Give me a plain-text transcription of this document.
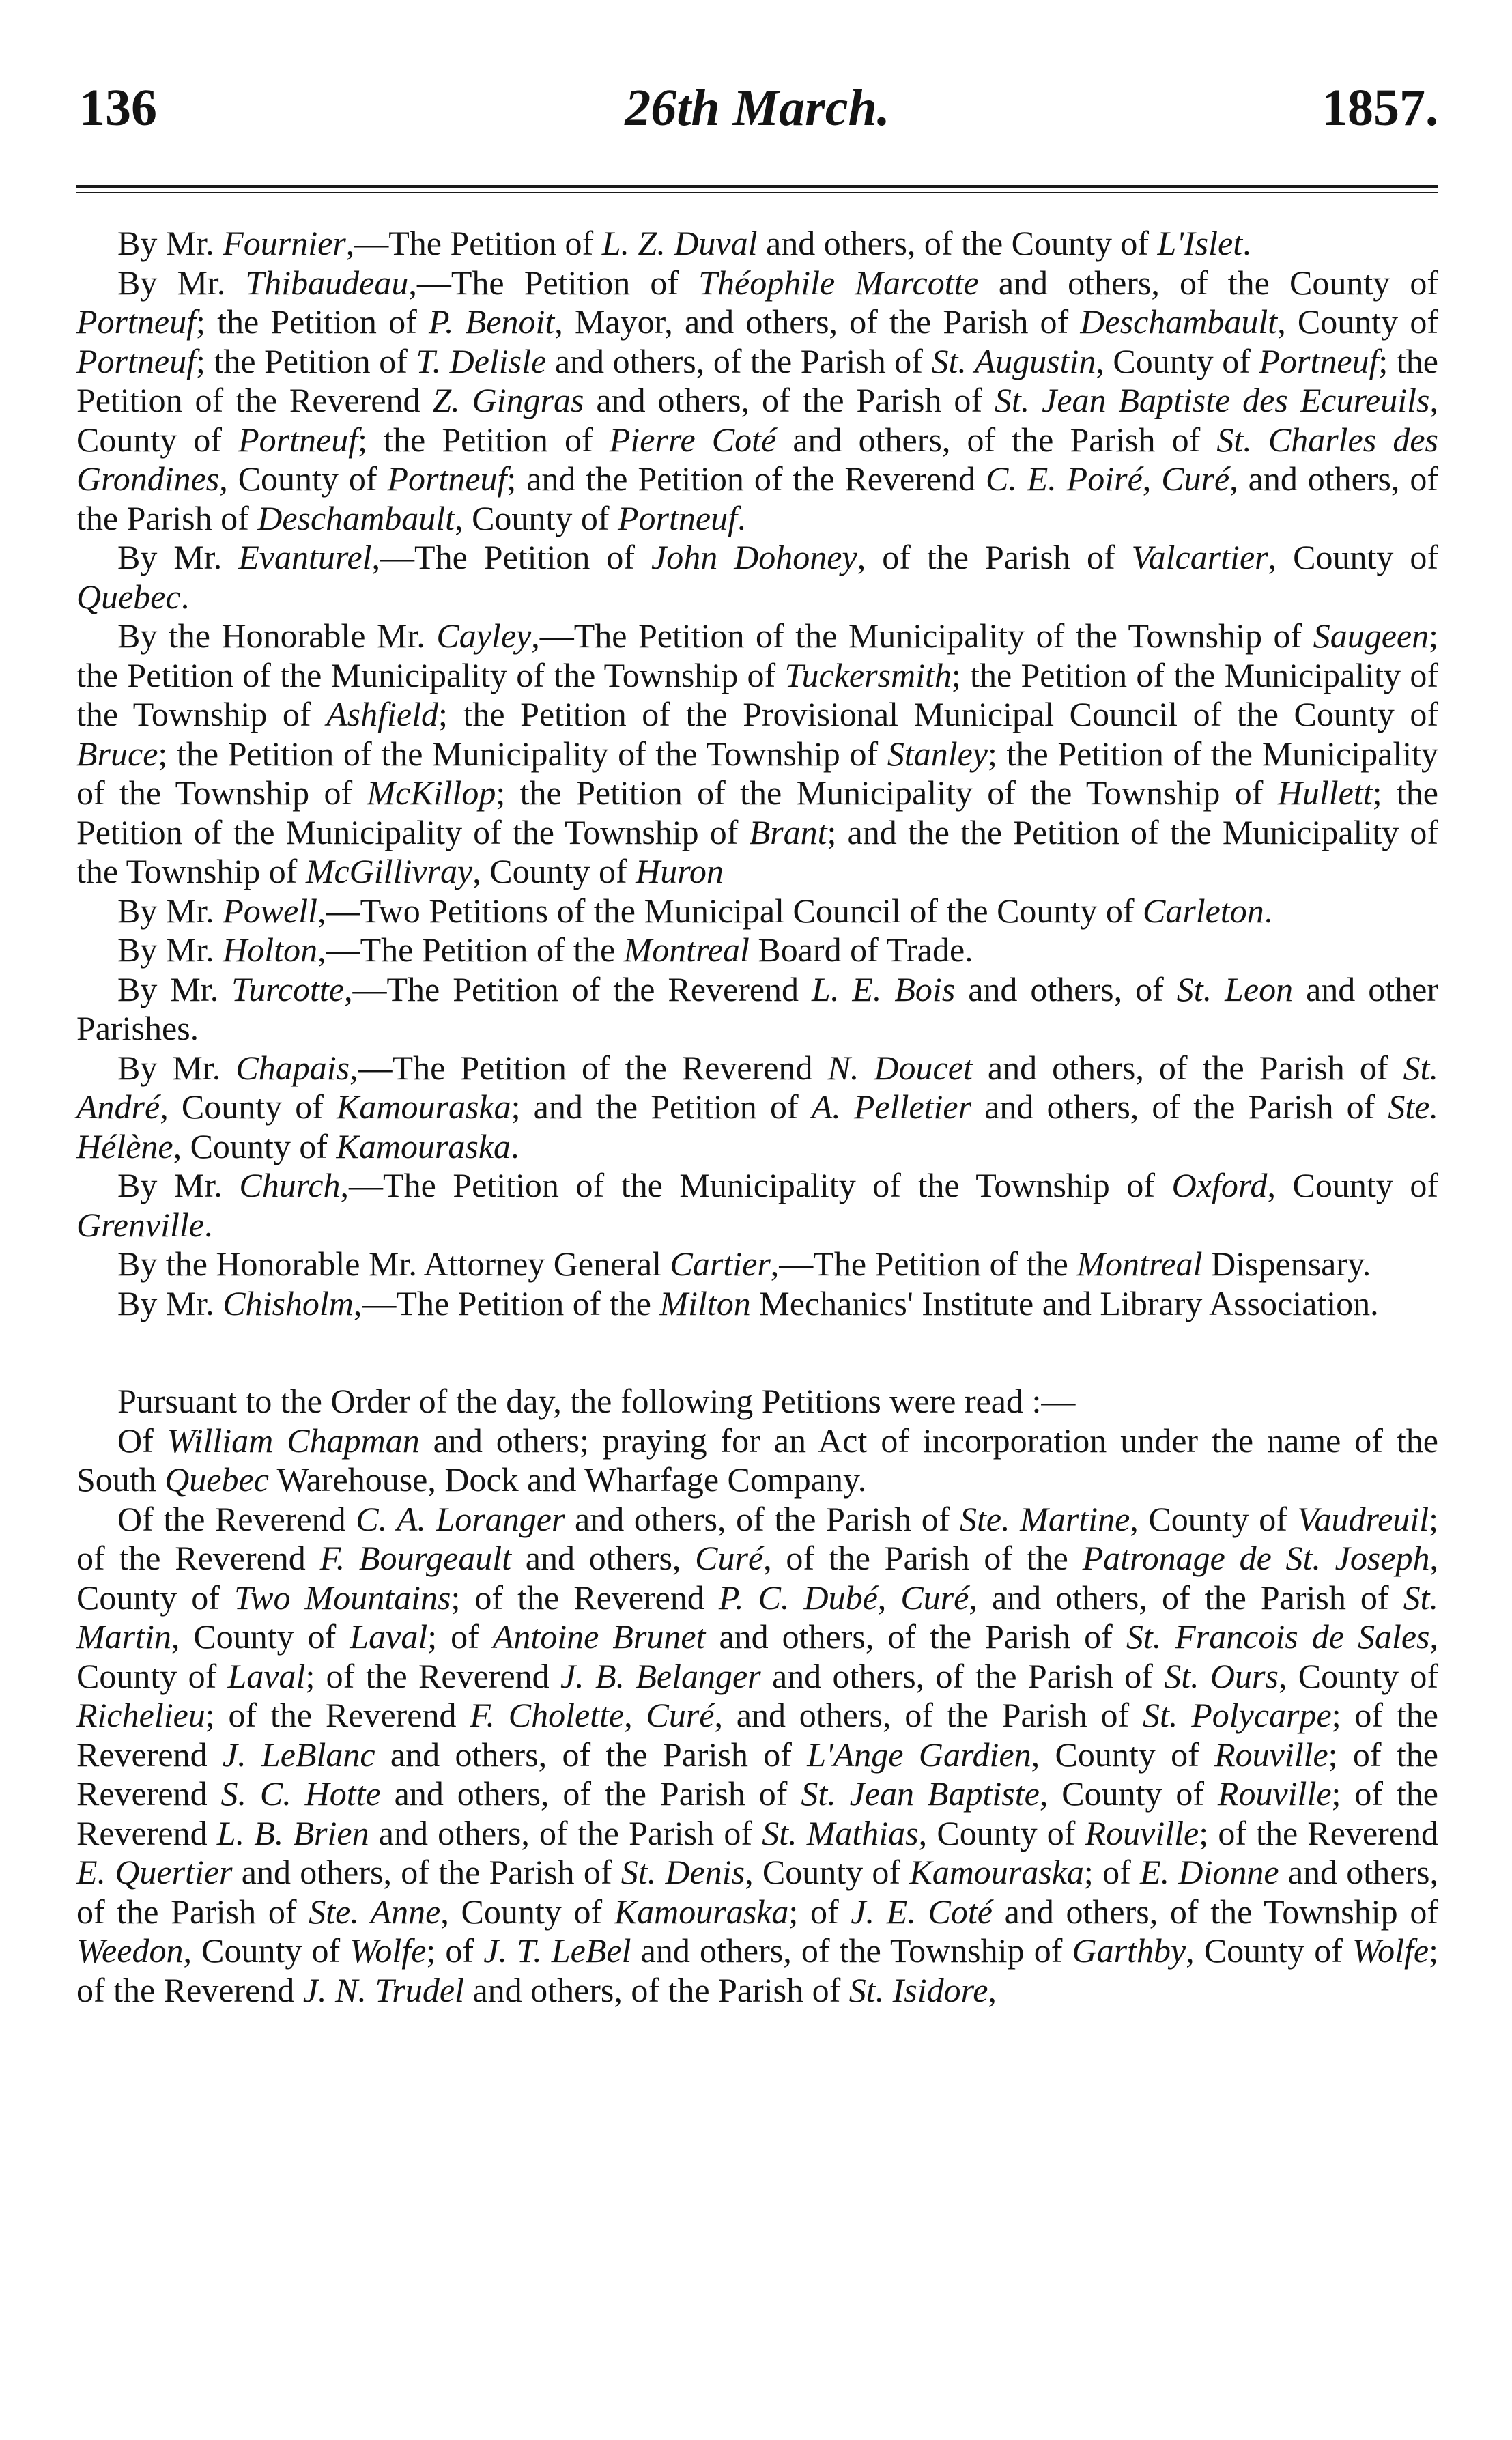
136	26th March.	1857.

By Mr. Fournier,—The Petition of L. Z. Duval and others, of the County of L'Islet.

By Mr. Thibaudeau,—The Petition of Théophile Marcotte and others, of the County of Portneuf; the Petition of P. Benoit, Mayor, and others, of the Parish of Deschambault, County of Portneuf; the Petition of T. Delisle and others, of the Parish of St. Augustin, County of Portneuf; the Petition of the Reverend Z. Gingras and others, of the Parish of St. Jean Baptiste des Ecureuils, County of Portneuf; the Petition of Pierre Coté and others, of the Parish of St. Charles des Grondines, County of Portneuf; and the Petition of the Reverend C. E. Poiré, Curé, and others, of the Parish of Deschambault, County of Portneuf.

By Mr. Evanturel,—The Petition of John Dohoney, of the Parish of Valcartier, County of Quebec.

By the Honorable Mr. Cayley,—The Petition of the Municipality of the Township of Saugeen; the Petition of the Municipality of the Township of Tuckersmith; the Petition of the Municipality of the Township of Ashfield; the Petition of the Provisional Municipal Council of the County of Bruce; the Petition of the Municipality of the Township of Stanley; the Petition of the Municipality of the Township of McKillop; the Petition of the Municipality of the Township of Hullett; the Petition of the Municipality of the Township of Brant; and the the Petition of the Municipality of the Township of McGillivray, County of Huron

By Mr. Powell,—Two Petitions of the Municipal Council of the County of Carleton.

By Mr. Holton,—The Petition of the Montreal Board of Trade.

By Mr. Turcotte,—The Petition of the Reverend L. E. Bois and others, of St. Leon and other Parishes.

By Mr. Chapais,—The Petition of the Reverend N. Doucet and others, of the Parish of St. André, County of Kamouraska; and the Petition of A. Pelletier and others, of the Parish of Ste. Hélène, County of Kamouraska.

By Mr. Church,—The Petition of the Municipality of the Township of Oxford, County of Grenville.

By the Honorable Mr. Attorney General Cartier,—The Petition of the Montreal Dispensary.

By Mr. Chisholm,—The Petition of the Milton Mechanics' Institute and Library Association.

Pursuant to the Order of the day, the following Petitions were read :—

Of William Chapman and others; praying for an Act of incorporation under the name of the South Quebec Warehouse, Dock and Wharfage Company.

Of the Reverend C. A. Loranger and others, of the Parish of Ste. Martine, County of Vaudreuil; of the Reverend F. Bourgeault and others, Curé, of the Parish of the Patronage de St. Joseph, County of Two Mountains; of the Reverend P. C. Dubé, Curé, and others, of the Parish of St. Martin, County of Laval; of Antoine Brunet and others, of the Parish of St. Francois de Sales, County of Laval; of the Reverend J. B. Belanger and others, of the Parish of St. Ours, County of Richelieu; of the Reverend F. Cholette, Curé, and others, of the Parish of St. Polycarpe; of the Reverend J. LeBlanc and others, of the Parish of L'Ange Gardien, County of Rouville; of the Reverend S. C. Hotte and others, of the Parish of St. Jean Baptiste, County of Rouville; of the Reverend L. B. Brien and others, of the Parish of St. Mathias, County of Rouville; of the Reverend E. Quertier and others, of the Parish of St. Denis, County of Kamouraska; of E. Dionne and others, of the Parish of Ste. Anne, County of Kamouraska; of J. E. Coté and others, of the Township of Weedon, County of Wolfe; of J. T. LeBel and others, of the Township of Garthby, County of Wolfe; of the Reverend J. N. Trudel and others, of the Parish of St. Isidore,
